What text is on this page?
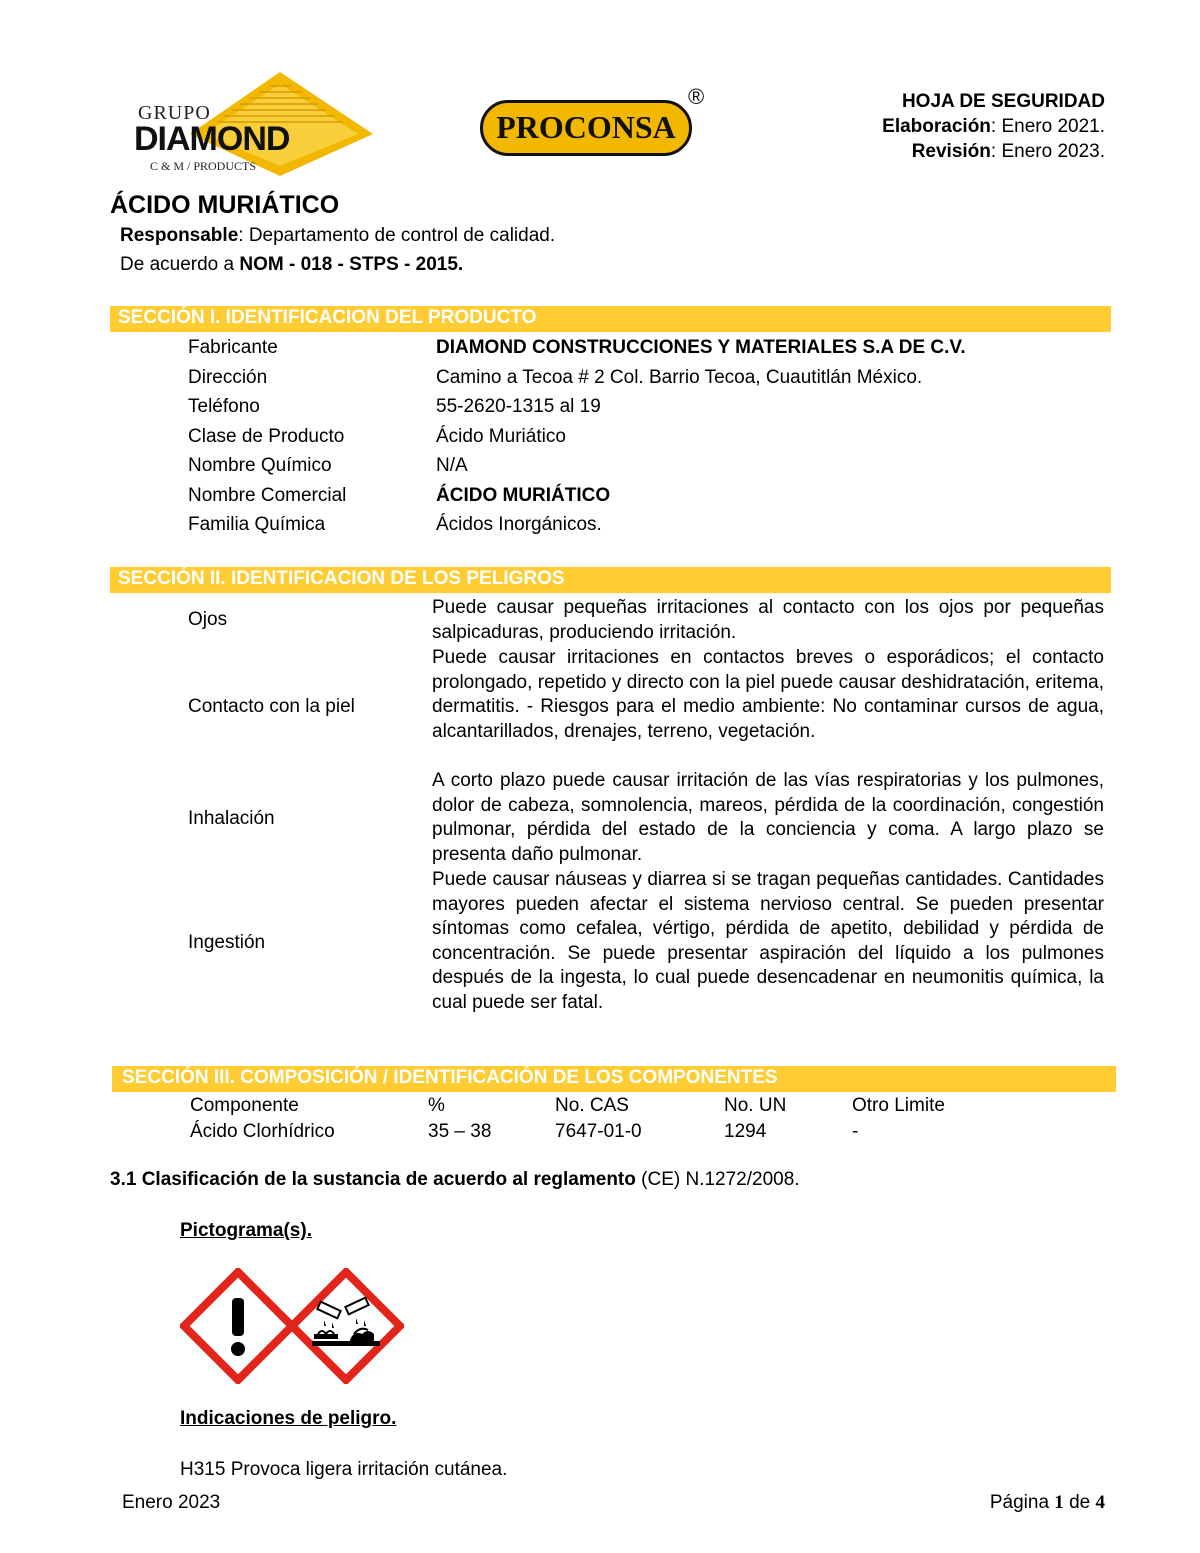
GRUPO
DIAMOND
C & M / PRODUCTS
PROCONSA
®	HOJA DE SEGURIDAD
Elaboración: Enero 2021.
Revisión: Enero 2023.
ÁCIDO MURIÁTICO
Responsable: Departamento de control de calidad.
De acuerdo a NOM - 018 - STPS - 2015.
SECCIÓN I. IDENTIFICACION DEL PRODUCTO
Fabricante	DIAMOND CONSTRUCCIONES Y MATERIALES S.A DE C.V.
Dirección	Camino a Tecoa # 2 Col. Barrio Tecoa, Cuautitlán México.
Teléfono	55-2620-1315 al 19
Clase de Producto	Ácido Muriático
Nombre Químico	N/A
Nombre Comercial	ÁCIDO MURIÁTICO
Familia Química	Ácidos Inorgánicos.
SECCIÓN II. IDENTIFICACION DE LOS PELIGROS
Ojos
Puede causar pequeñas irritaciones al contacto con los ojos por pequeñas salpicaduras, produciendo irritación.
Contacto con la piel
Puede causar irritaciones en contactos breves o esporádicos; el contacto prolongado, repetido y directo con la piel puede causar deshidratación, eritema, dermatitis. - Riesgos para el medio ambiente: No contaminar cursos de agua, alcantarillados, drenajes, terreno, vegetación.
Inhalación
A corto plazo puede causar irritación de las vías respiratorias y los pulmones, dolor de cabeza, somnolencia, mareos, pérdida de la coordinación, congestión pulmonar, pérdida del estado de la conciencia y coma. A largo plazo se presenta daño pulmonar.
Ingestión
Puede causar náuseas y diarrea si se tragan pequeñas cantidades. Cantidades mayores pueden afectar el sistema nervioso central. Se pueden presentar síntomas como cefalea, vértigo, pérdida de apetito, debilidad y pérdida de concentración. Se puede presentar aspiración del líquido a los pulmones después de la ingesta, lo cual puede desencadenar en neumonitis química, la cual puede ser fatal.
SECCIÓN III. COMPOSICIÓN / IDENTIFICACIÓN DE LOS COMPONENTES
Componente	%	No. CAS	No. UN	Otro Limite
Ácido Clorhídrico	35 – 38	7647-01-0	1294	-
3.1 Clasificación de la sustancia de acuerdo al reglamento (CE) N.1272/2008.
Pictograma(s).
Indicaciones de peligro.
H315 Provoca ligera irritación cutánea.
Enero 2023	Página 1 de 4
